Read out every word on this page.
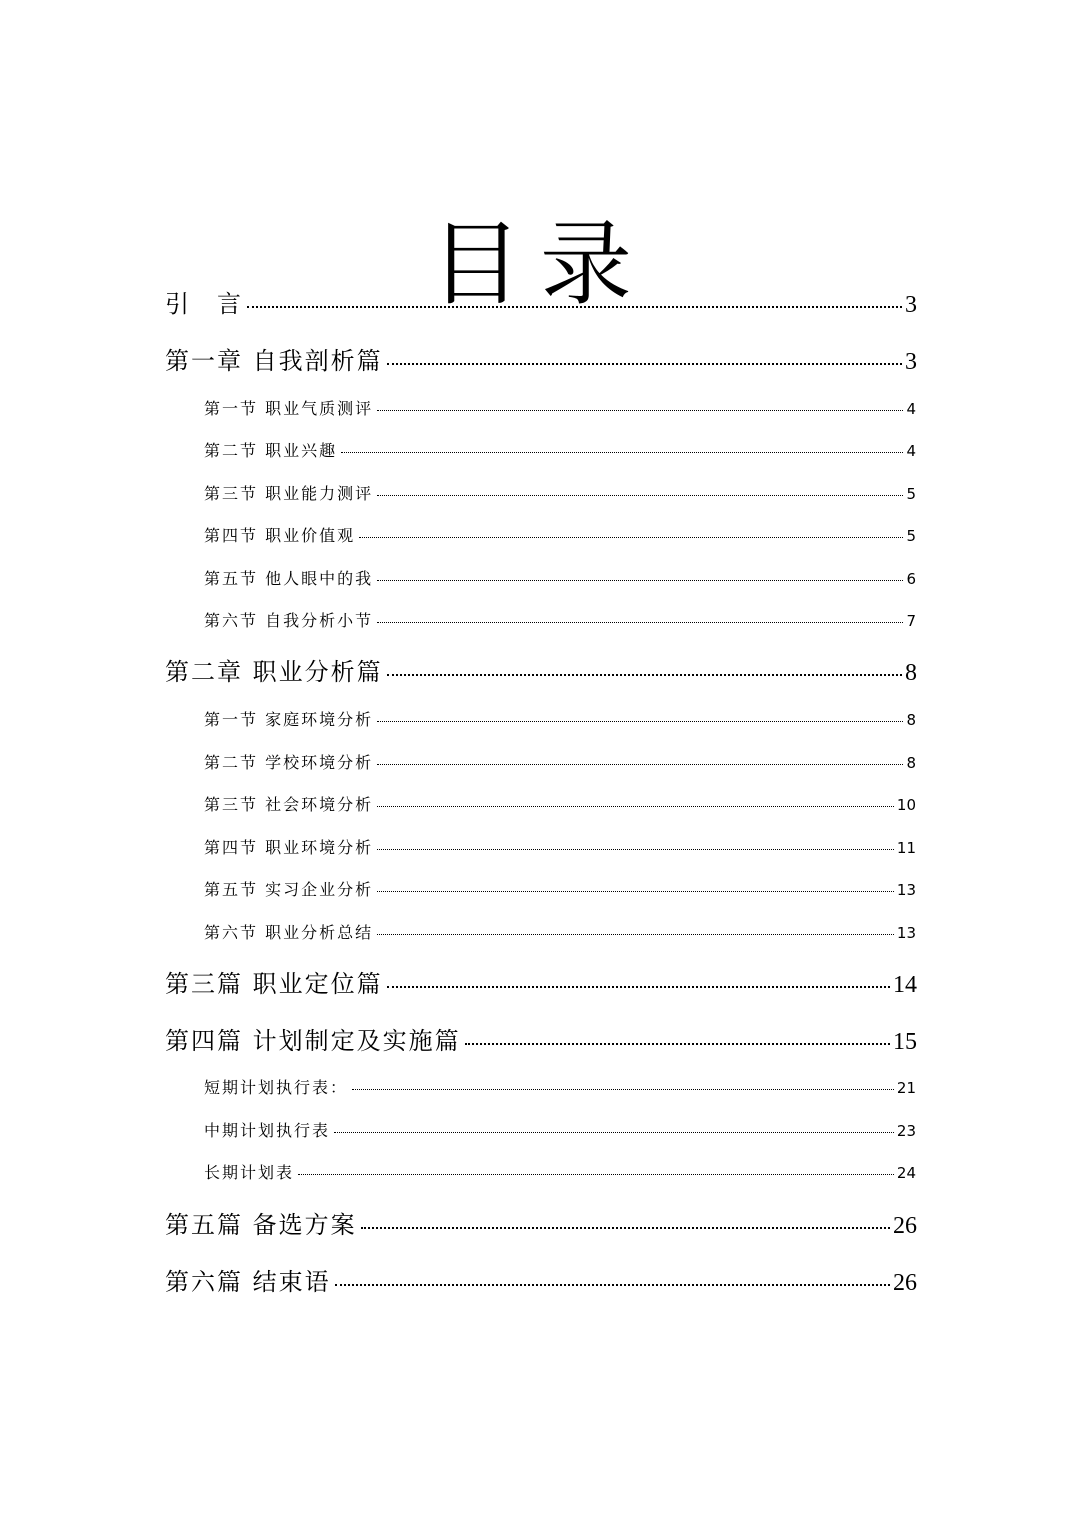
目录
引　言	3
第一章 自我剖析篇	3
第一节 职业气质测评	4
第二节 职业兴趣	4
第三节 职业能力测评	5
第四节 职业价值观	5
第五节 他人眼中的我	6
第六节 自我分析小节	7
第二章 职业分析篇	8
第一节 家庭环境分析	8
第二节 学校环境分析	8
第三节 社会环境分析	10
第四节 职业环境分析	11
第五节 实习企业分析	13
第六节 职业分析总结	13
第三篇 职业定位篇	14
第四篇 计划制定及实施篇	15
短期计划执行表：	21
中期计划执行表	23
长期计划表	24
第五篇 备选方案	26
第六篇 结束语	26
